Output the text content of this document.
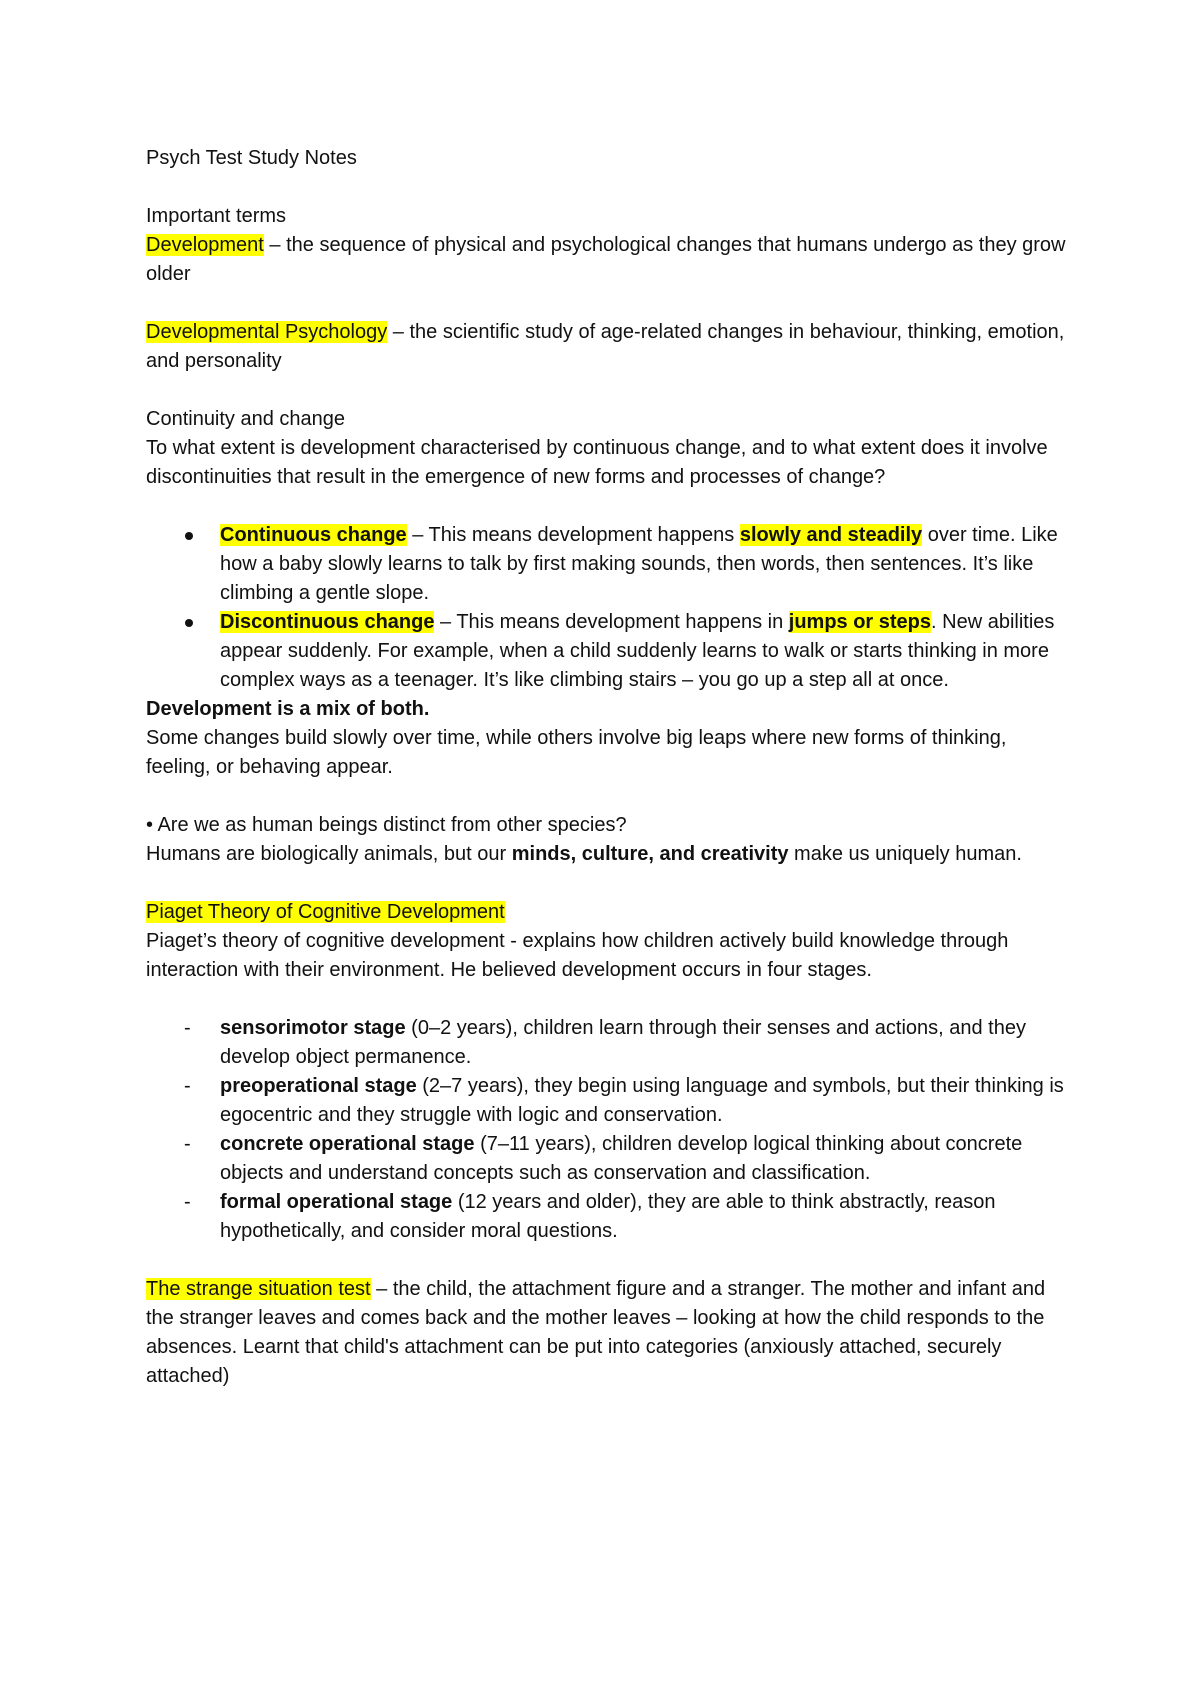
Psych Test Study Notes

Important terms

Development – the sequence of physical and psychological changes that humans undergo as they grow older

Developmental Psychology – the scientific study of age-related changes in behaviour, thinking, emotion, and personality

Continuity and change

To what extent is development characterised by continuous change, and to what extent does it involve discontinuities that result in the emergence of new forms and processes of change?

Continuous change – This means development happens slowly and steadily over time. Like how a baby slowly learns to talk by first making sounds, then words, then sentences. It’s like climbing a gentle slope.
Discontinuous change – This means development happens in jumps or steps. New abilities appear suddenly. For example, when a child suddenly learns to walk or starts thinking in more complex ways as a teenager. It’s like climbing stairs – you go up a step all at once.

Development is a mix of both.

Some changes build slowly over time, while others involve big leaps where new forms of thinking, feeling, or behaving appear.

• Are we as human beings distinct from other species?

Humans are biologically animals, but our minds, culture, and creativity make us uniquely human.

Piaget Theory of Cognitive Development

Piaget’s theory of cognitive development - explains how children actively build knowledge through interaction with their environment. He believed development occurs in four stages.

- sensorimotor stage (0–2 years), children learn through their senses and actions, and they develop object permanence.
- preoperational stage (2–7 years), they begin using language and symbols, but their thinking is egocentric and they struggle with logic and conservation.
- concrete operational stage (7–11 years), children develop logical thinking about concrete objects and understand concepts such as conservation and classification.
- formal operational stage (12 years and older), they are able to think abstractly, reason hypothetically, and consider moral questions.

The strange situation test – the child, the attachment figure and a stranger. The mother and infant and the stranger leaves and comes back and the mother leaves – looking at how the child responds to the absences. Learnt that child's attachment can be put into categories (anxiously attached, securely attached)
